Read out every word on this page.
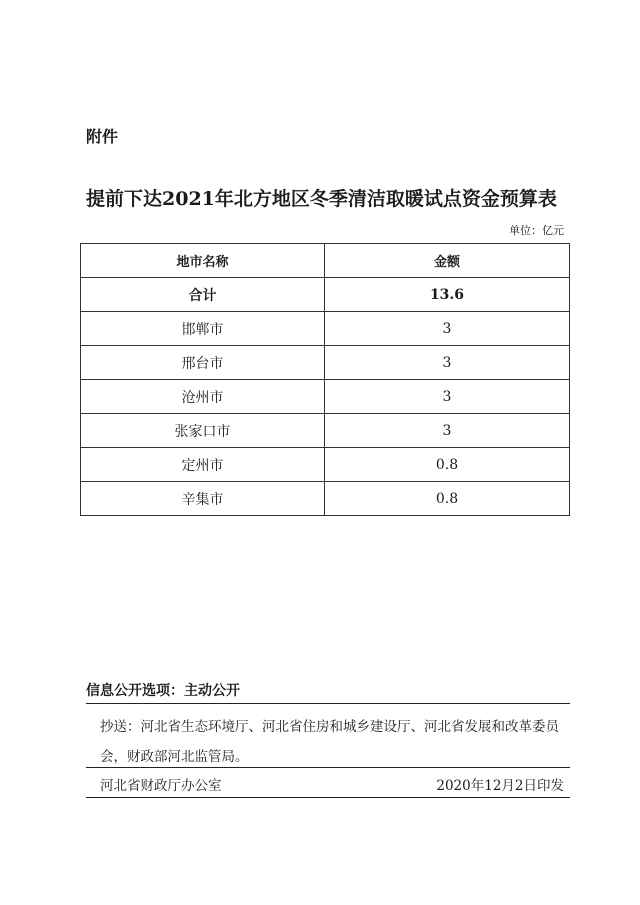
附件
提前下达2021年北方地区冬季清洁取暖试点资金预算表
单位：亿元
地市名称	金额
合计	13.6
邯郸市	3
邢台市	3
沧州市	3
张家口市	3
定州市	0.8
辛集市	0.8
信息公开选项：主动公开
抄送：河北省生态环境厅、河北省住房和城乡建设厅、河北省发展和改革委员会，财政部河北监管局。
河北省财政厅办公室	2020年12月2日印发
